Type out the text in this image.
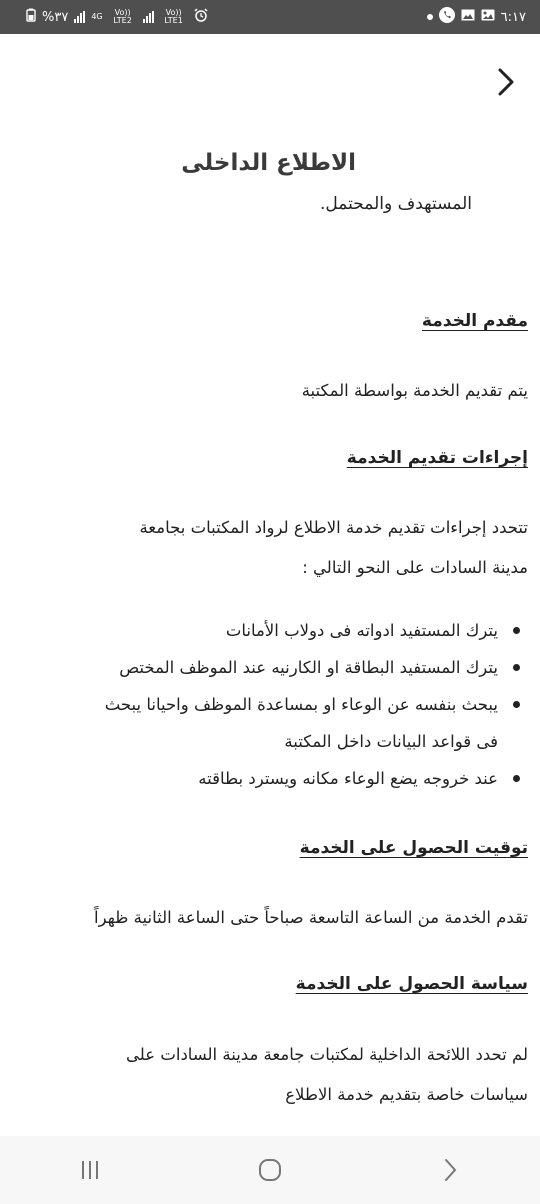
%٣٧	4G	Vo)) LTE2
Vo)) LTE1	٦:١٧
الاطلاع الداخلى
المستهدف والمحتمل.
مقدم الخدمة
يتم تقديم الخدمة بواسطة المكتبة
إجراءات تقديم الخدمة
تتحدد إجراءات تقديم خدمة الاطلاع لرواد المكتبات بجامعة
مدينة السادات على النحو التالي :
يترك المستفيد ادواته فى دولاب الأمانات
يترك المستفيد البطاقة او الكارنيه عند الموظف المختص
يبحث بنفسه عن الوعاء او بمساعدة الموظف واحيانا يبحث
فى قواعد البيانات داخل المكتبة
عند خروجه يضع الوعاء مكانه ويسترد بطاقته
توقيت الحصول على الخدمة
تقدم الخدمة من الساعة التاسعة صباحاً حتى الساعة الثانية ظهراً
سياسة الحصول على الخدمة
لم تحدد اللائحة الداخلية لمكتبات جامعة مدينة السادات على
سياسات خاصة بتقديم خدمة الاطلاع
